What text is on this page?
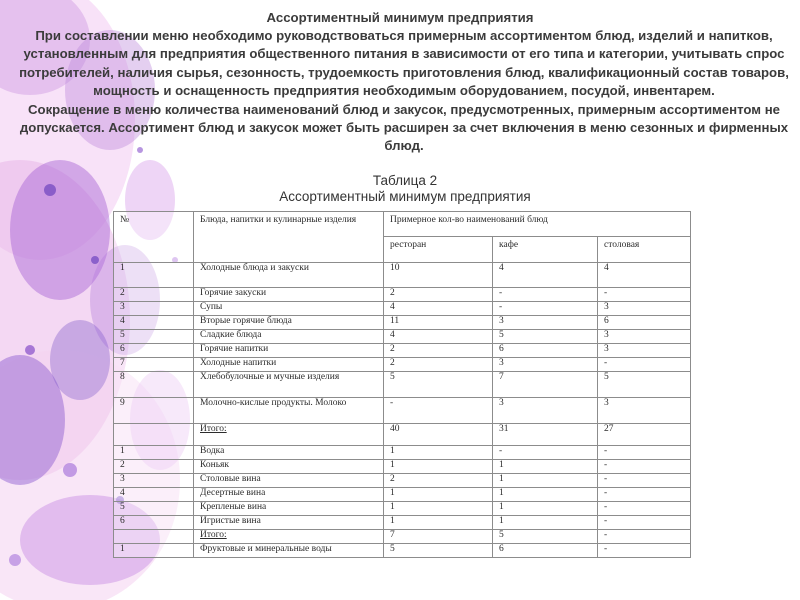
Ассортиментный минимум предприятия

При составлении меню необходимо руководствоваться примерным ассортиментом блюд, изделий и напитков, установленным для предприятия общественного питания в зависимости от его типа и категории, учитывать спрос потребителей, наличия сырья, сезонность, трудоемкость приготовления блюд, квалификационный состав товаров, мощность и оснащенность предприятия необходимым оборудованием, посудой, инвентарем.

Сокращение в меню количества наименований блюд и закусок, предусмотренных, примерным ассортиментом не допускается. Ассортимент блюд и закусок может быть расширен за счет включения в меню сезонных и фирменных блюд.

Таблица 2
Ассортиментный минимум предприятия
№	Блюда, напитки и кулинарные изделия	Примерное кол-во наименований блюд		
		ресторан	кафе	столовая
1	Холодные блюда и закуски	10	4	4
2	Горячие закуски	2	-	-
3	Супы	4	-	3
4	Вторые горячие блюда	11	3	6
5	Сладкие блюда	4	5	3
6	Горячие напитки	2	6	3
7	Холодные напитки	2	3	-
8	Хлебобулочные и мучные изделия	5	7	5
9	Молочно-кислые продукты. Молоко	-	3	3
	Итого:	40	31	27
1	Водка	1	-	-
2	Коньяк	1	1	-
3	Столовые вина	2	1	-
4	Десертные вина	1	1	-
5	Крепленые вина	1	1	-
6	Игристые вина	1	1	-
	Итого:	7	5	-
1	Фруктовые и минеральные воды	5	6	-
